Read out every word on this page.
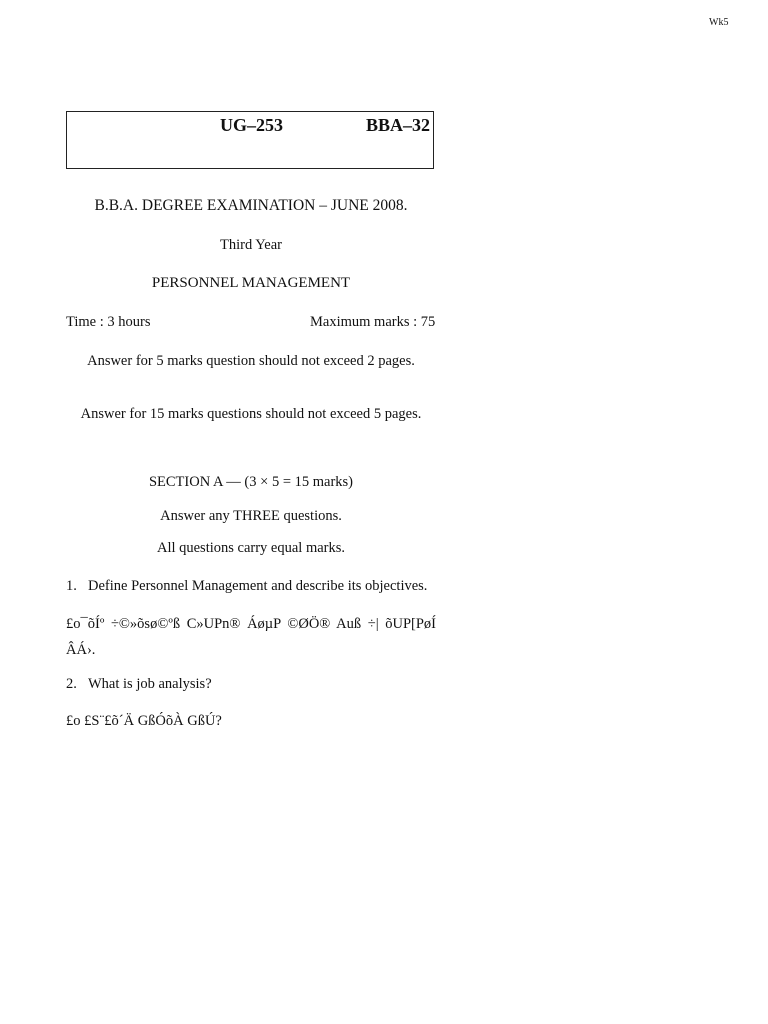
Wk5
UG–253	BBA–32
B.B.A. DEGREE EXAMINATION – JUNE 2008.
Third Year
PERSONNEL MANAGEMENT
Time : 3 hours	Maximum marks : 75
Answer for 5 marks question should not exceed 2 pages.
Answer for 15 marks questions should not exceed 5 pages.
SECTION A — (3 × 5 = 15 marks)
Answer any THREE questions.
All questions carry equal marks.
1. Define Personnel Management and describe its objectives.
£o¯õÍº ÷©»õsø©ºß C»UPn® ÁøµP ©ØÖ® Auß ÷| õUP[PøÍ ÂÁ›.
2. What is job analysis?
£o £S¨£õ´Ä GßÓõÀ GßÚ?
